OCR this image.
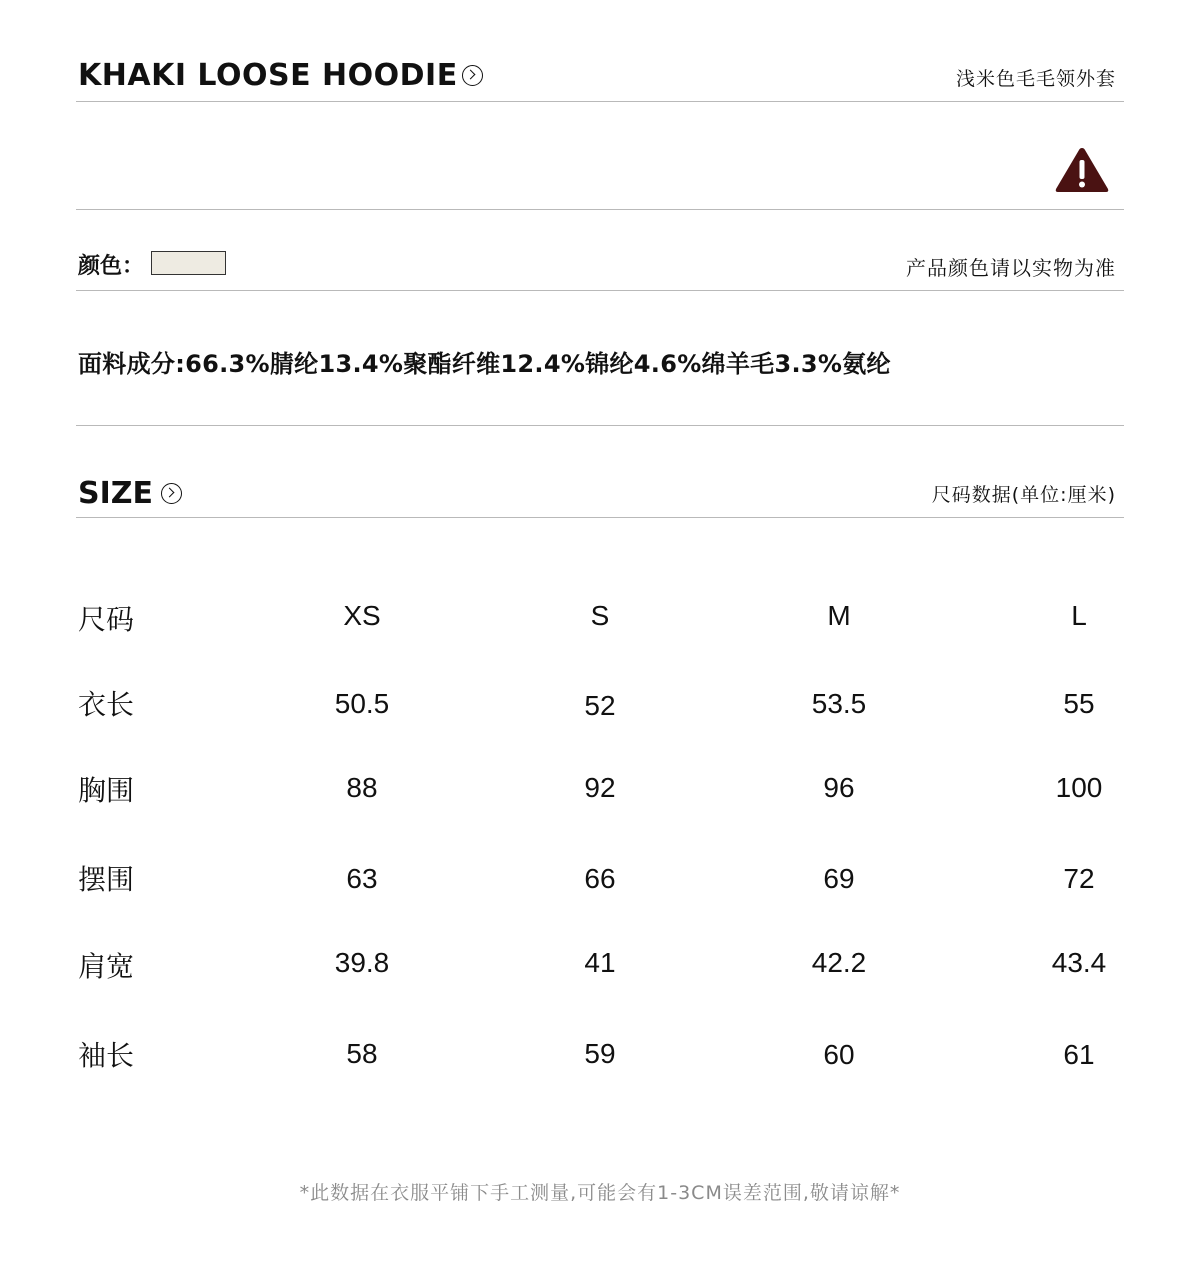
KHAKI LOOSE HOODIE	浅米色毛毛领外套
颜色：	产品颜色请以实物为准
面料成分:66.3%腈纶13.4%聚酯纤维12.4%锦纶4.6%绵羊毛3.3%氨纶
SIZE	尺码数据(单位:厘米)
尺码	XS	S	M	L
衣长	50.5	52	53.5	55
胸围	88	92	96	100
摆围	63	66	69	72
肩宽	39.8	41	42.2	43.4
袖长	58	59	60	61
*此数据在衣服平铺下手工测量,可能会有1-3CM误差范围,敬请谅解*
